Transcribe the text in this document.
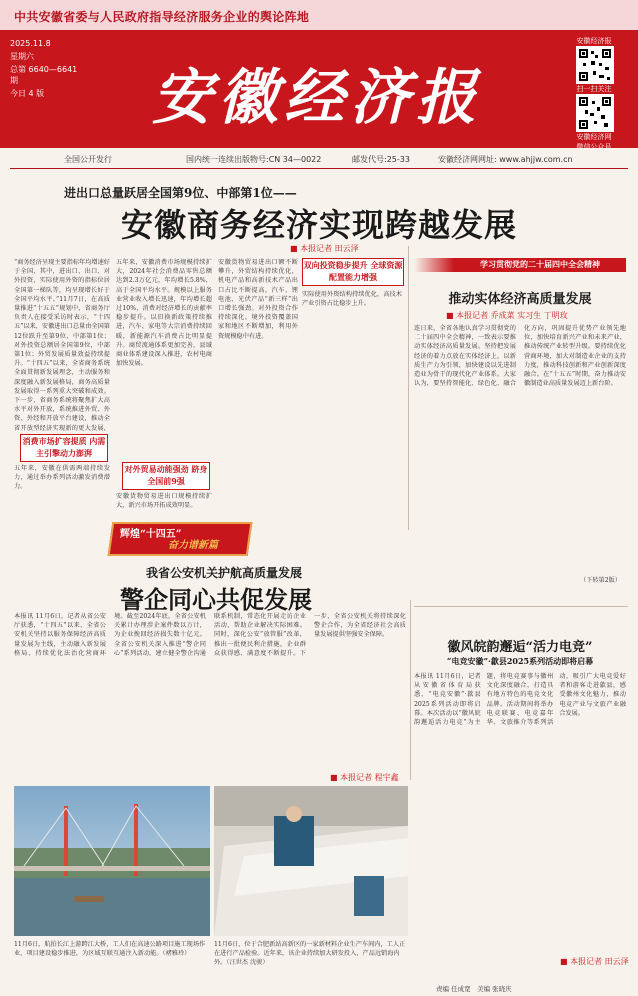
中共安徽省委与人民政府指导经济服务企业的舆论阵地
2025.11.8
星期六
总第 6640—6641期
今日 4 版	安徽经济报
安徽经济报
扫一扫关注
安徽经济网
微信公众号
全国公开发行	国内统一连续出版物号:CN 34—0022	邮发代号:25-33	安徽经济网网址: www.ahjjw.com.cn
进出口总量跃居全国第9位、中部第1位——
安徽商务经济实现跨越发展
■ 本报记者 田云泽
“商务经济呈现主要指标年均增速好于全国，其中，进出口、出口、对外投资、实际使用外资的指标位居全国第一梯队等，均呈现增长好于全国平均水平。”11月7日，在高质量推进“十五五”规划中，省商务厅负责人在接受采访时表示，“十四五”以来，安徽进出口总量由全国第12位跃升至第9位，中部第1位；对外投资总额居全国第9位，中部第1位；外贸发展质量效益持续提升。“十四五”以来，全省商务系统全面贯彻新发展理念，主动服务和深度融入新发展格局，商务高质量发展取得一系列重大突破和成效。下一步，省商务系统将聚焦扩大高水平对外开放，系统推进外贸、外资、外经和开放平台建设，推动全省开放型经济实现新的更大发展，
消费市场扩容提质 内需主引擎动力澎湃
五年来，安徽在供需两端持续发力，通过举办系列活动激发消费潜力。
五年来，安徽消费市场规模持续扩大，2024年社会消费品零售总额达到2.3万亿元，年均增长5.8%，高于全国平均水平。规模以上服务业营业收入增长迅速，年均增长超过10%，消费对经济增长的贡献率稳步提升。以旧换新政策持续推进，汽车、家电等大宗消费持续回暖，新能源汽车消费占比明显提升。商贸流通体系更加完善，县域商业体系建设深入推进，农村电商加快发展。
对外贸易动能强劲 跻身全国前9强
安徽货物贸易进出口规模持续扩大，新兴市场开拓成效明显。
双向投资稳步提升 全球资源配置能力增强
安徽货物贸易进出口额不断攀升，外贸结构持续优化，机电产品和高新技术产品出口占比不断提高，汽车、锂电池、光伏产品“新三样”出口增长强劲。对外投资合作持续深化，境外投资覆盖国家和地区不断增加，利用外资规模稳中有进。
实际使用外资结构持续优化，高技术产业引资占比稳步上升。
学习贯彻党的二十届四中全会精神
推动实体经济高质量发展
■ 本报记者 乔成菜 实习生 丁明玫
连日来，全省各地认真学习贯彻党的二十届四中全会精神，一致表示要推动实体经济高质量发展。坚持把发展经济的着力点放在实体经济上，以新质生产力为引领，加快建设以先进制造业为骨干的现代化产业体系。大家认为，要坚持智能化、绿色化、融合化方向，巩固提升优势产业领先地位，加快培育新兴产业和未来产业，推动传统产业转型升级。要持续优化营商环境，加大对制造业企业的支持力度，推动科技创新和产业创新深度融合。在“十五五”时期，奋力推动安徽制造业高质量发展迈上新台阶。
（下转第2版）
辉煌“十四五”
奋力谱新篇
我省公安机关护航高质量发展
警企同心共促发展
本报讯 11月6日，记者从省公安厅获悉，“十四五”以来，全省公安机关坚持以服务保障经济高质量发展为主线，主动融入新发展格局，持续优化法治化营商环境。截至2024年底，全省公安机关累计办理涉企案件数以万计，为企业挽回经济损失数十亿元。全省公安机关深入推进“警企同心”系列活动，建立健全警企沟通联系机制，常态化开展走访企业活动，帮助企业解决实际困难。同时，深化公安“放管服”改革，推出一批便民利企措施，企业群众获得感、满意度不断提升。下一步，全省公安机关将持续深化警企合作，为全省经济社会高质量发展提供坚强安全保障。
■ 本报记者 程宇鑫
徽风皖韵邂逅“活力电竞”
“电竞安徽”·歙县2025系列活动即将启幕
本报讯 11月6日，记者从安徽省体育局获悉，“电竞安徽”·歙县2025系列活动即将启幕。本次活动以“徽风皖韵邂逅活力电竞”为主题，将电竞赛事与徽州文化深度融合，打造具有地方特色的电竞文化品牌。活动期间将举办电竞联赛、电竞嘉年华、文旅推介等系列活动，吸引广大电竞爱好者和游客走进歙县，感受徽州文化魅力，推动电竞产业与文旅产业融合发展。
■ 本报记者 田云泽
11月6日，航拍长江上游跨江大桥，工人们在高速公路项目施工现场作业，项目建设稳步推进，为区域互联互通注入新动能。（褚雅玲）
11月6日，位于合肥新站高新区的一家新材料企业生产车间内，工人正在进行产品检验。近年来，该企业持续加大研发投入，产品远销海内外。（汪世杰 沈骏）
责编 任成宽　美编 张晓庆
